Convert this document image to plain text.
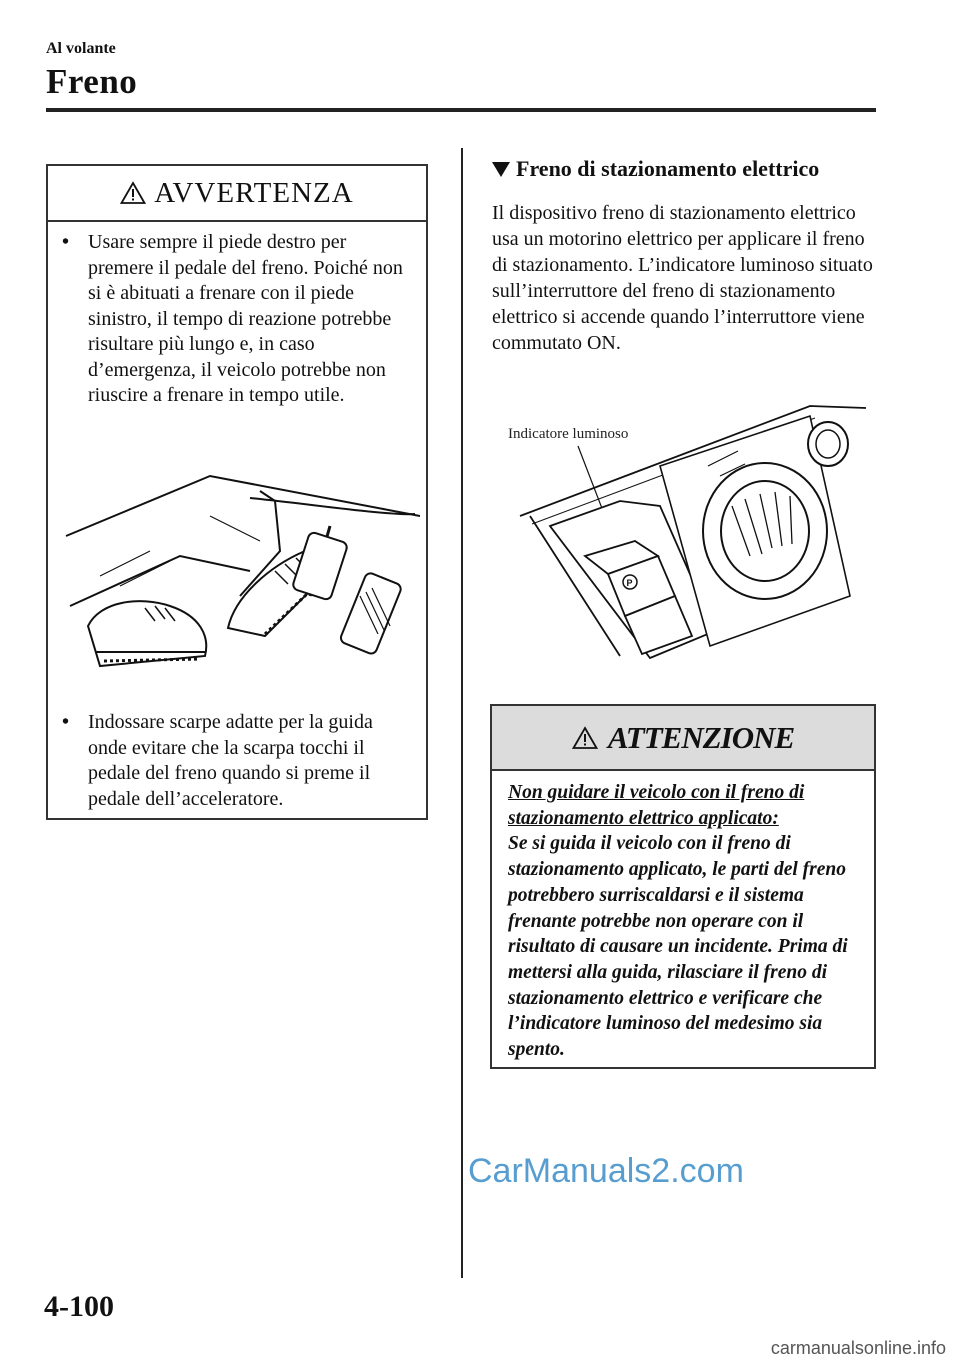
Al volante
Freno
AVVERTENZA
• Usare sempre il piede destro per premere il pedale del freno. Poiché non si è abituati a frenare con il piede sinistro, il tempo di reazione potrebbe risultare più lungo e, in caso d’emergenza, il veicolo potrebbe non riuscire a frenare in tempo utile.
• Indossare scarpe adatte per la guida onde evitare che la scarpa tocchi il pedale del freno quando si preme il pedale dell’acceleratore.
Freno di stazionamento elettrico
Il dispositivo freno di stazionamento elettrico usa un motorino elettrico per applicare il freno di stazionamento. L’indicatore luminoso situato sull’interruttore del freno di stazionamento elettrico si accende quando l’interruttore viene commutato ON.
Indicatore luminoso
P
ATTENZIONE
Non guidare il veicolo con il freno di stazionamento elettrico applicato:
Se si guida il veicolo con il freno di stazionamento applicato, le parti del freno potrebbero surriscaldarsi e il sistema frenante potrebbe non operare con il risultato di causare un incidente. Prima di mettersi alla guida, rilasciare il freno di stazionamento elettrico e verificare che l’indicatore luminoso del medesimo sia spento.
CarManuals2.com
4-100
carmanualsonline.info
